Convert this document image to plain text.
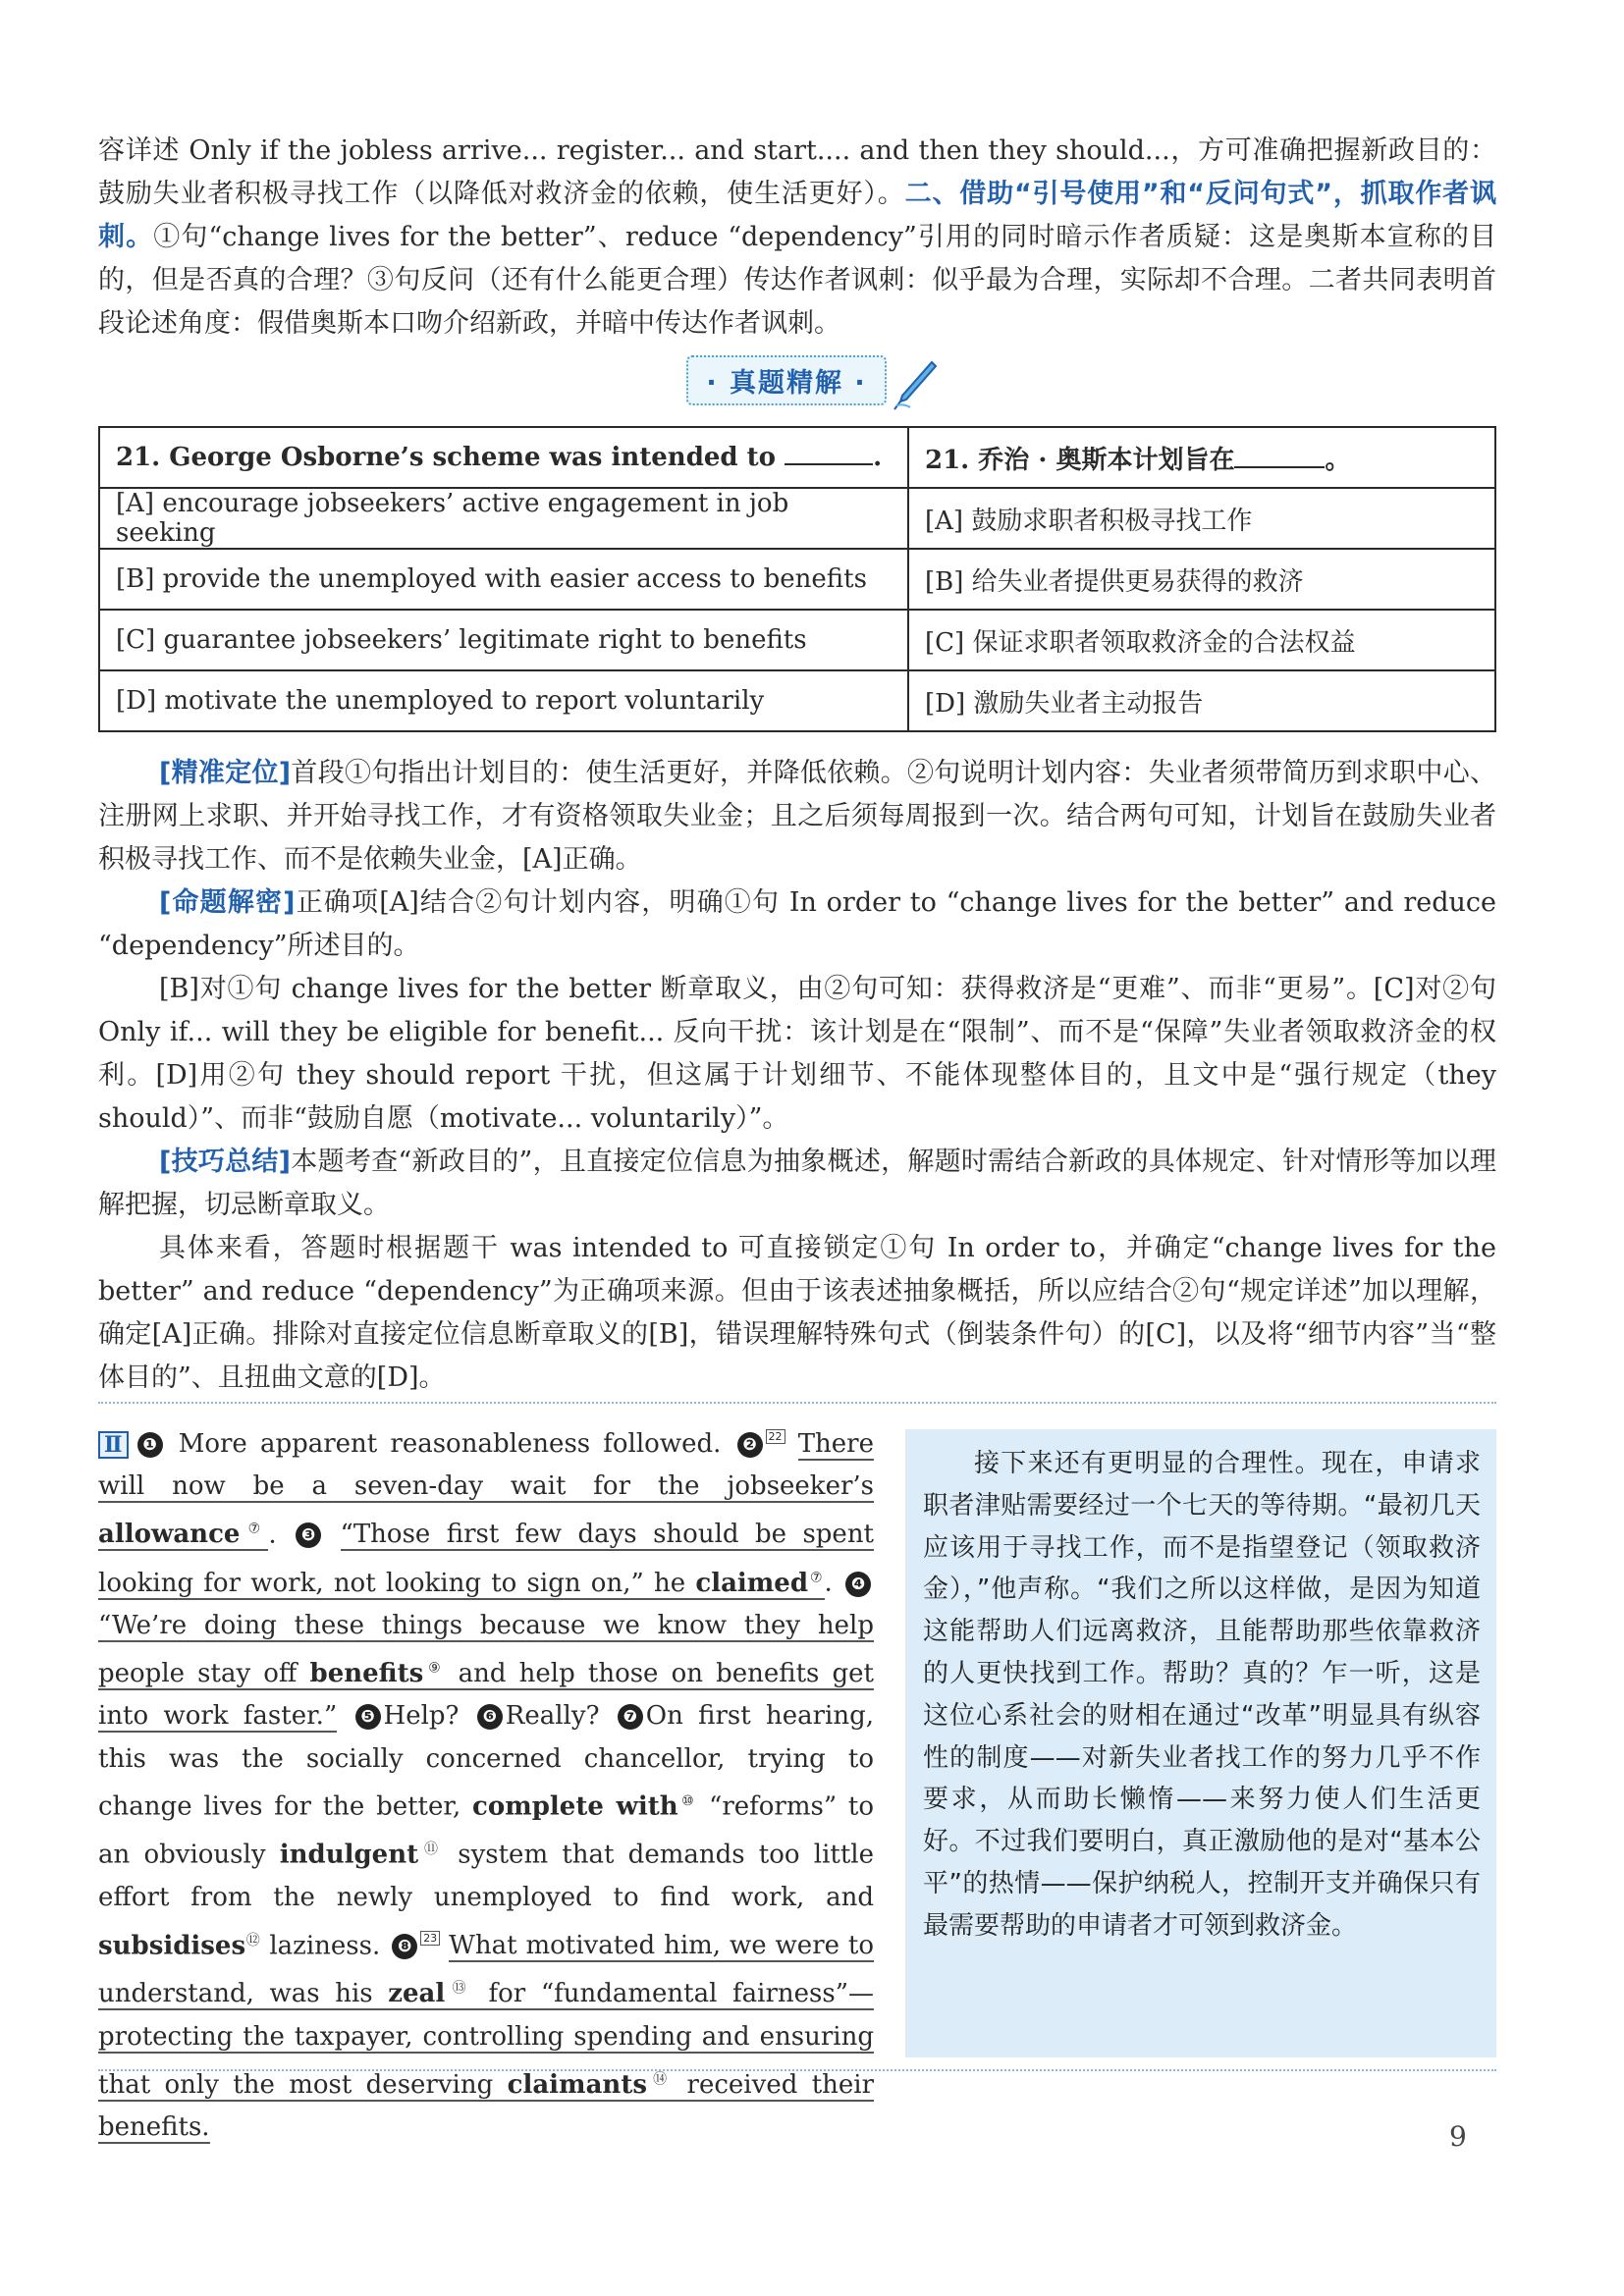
容详述 Only if the jobless arrive... register... and start.... and then they should...，方可准确把握新政目的：鼓励失业者积极寻找工作（以降低对救济金的依赖，使生活更好）。二、借助“引号使用”和“反问句式”，抓取作者讽刺。①句“change lives for the better”、reduce “dependency”引用的同时暗示作者质疑：这是奥斯本宣称的目的，但是否真的合理？③句反问（还有什么能更合理）传达作者讽刺：似乎最为合理，实际却不合理。二者共同表明首段论述角度：假借奥斯本口吻介绍新政，并暗中传达作者讽刺。
· 真题精解 ·
21. George Osborne’s scheme was intended to .	21. 乔治 · 奥斯本计划旨在 。
[A] encourage jobseekers’ active engagement in job seeking	[A] 鼓励求职者积极寻找工作
[B] provide the unemployed with easier access to benefits	[B] 给失业者提供更易获得的救济
[C] guarantee jobseekers’ legitimate right to benefits	[C] 保证求职者领取救济金的合法权益
[D] motivate the unemployed to report voluntarily	[D] 激励失业者主动报告

[精准定位]首段①句指出计划目的：使生活更好，并降低依赖。②句说明计划内容：失业者须带简历到求职中心、注册网上求职、并开始寻找工作，才有资格领取失业金；且之后须每周报到一次。结合两句可知，计划旨在鼓励失业者积极寻找工作、而不是依赖失业金，[A]正确。

[命题解密]正确项[A]结合②句计划内容，明确①句 In order to “change lives for the better” and reduce “dependency”所述目的。

[B]对①句 change lives for the better 断章取义，由②句可知：获得救济是“更难”、而非“更易”。[C]对②句 Only if... will they be eligible for benefit... 反向干扰：该计划是在“限制”、而不是“保障”失业者领取救济金的权利。[D]用②句 they should report 干扰，但这属于计划细节、不能体现整体目的，且文中是“强行规定（they should）”、而非“鼓励自愿（motivate... voluntarily）”。

[技巧总结]本题考查“新政目的”，且直接定位信息为抽象概述，解题时需结合新政的具体规定、针对情形等加以理解把握，切忌断章取义。

具体来看，答题时根据题干 was intended to 可直接锁定①句 In order to，并确定“change lives for the better” and reduce “dependency”为正确项来源。但由于该表述抽象概括，所以应结合②句“规定详述”加以理解，确定[A]正确。排除对直接定位信息断章取义的[B]，错误理解特殊句式（倒装条件句）的[C]，以及将“细节内容”当“整体目的”、且扭曲文意的[D]。

Ⅱ ❶ More apparent reasonableness followed. ❷ 22 There will now be a seven-day wait for the jobseeker’s allowance⑦. ❸ “Those first few days should be spent looking for work, not looking to sign on,” he claimed⑦. ❹“We’re doing these things because we know they help people stay off benefits⑨ and help those on benefits get into work faster.” ❺ Help? ❻ Really? ❼ On first hearing, this was the socially concerned chancellor, trying to change lives for the better, complete with⑩ “reforms” to an obviously indulgent⑪ system that demands too little effort from the newly unemployed to find work, and subsidises⑫ laziness. ❽ 23 What motivated him, we were to understand, was his zeal⑬ for “fundamental fairness”— protecting the taxpayer, controlling spending and ensuring that only the most deserving claimants⑭ received their benefits.

接下来还有更明显的合理性。现在，申请求职者津贴需要经过一个七天的等待期。“最初几天应该用于寻找工作，而不是指望登记（领取救济金），”他声称。“我们之所以这样做，是因为知道这能帮助人们远离救济，且能帮助那些依靠救济的人更快找到工作。帮助？真的？乍一听，这是这位心系社会的财相在通过“改革”明显具有纵容性的制度——对新失业者找工作的努力几乎不作要求，从而助长懒惰——来努力使人们生活更好。不过我们要明白，真正激励他的是对“基本公平”的热情——保护纳税人，控制开支并确保只有最需要帮助的申请者才可领到救济金。

9
